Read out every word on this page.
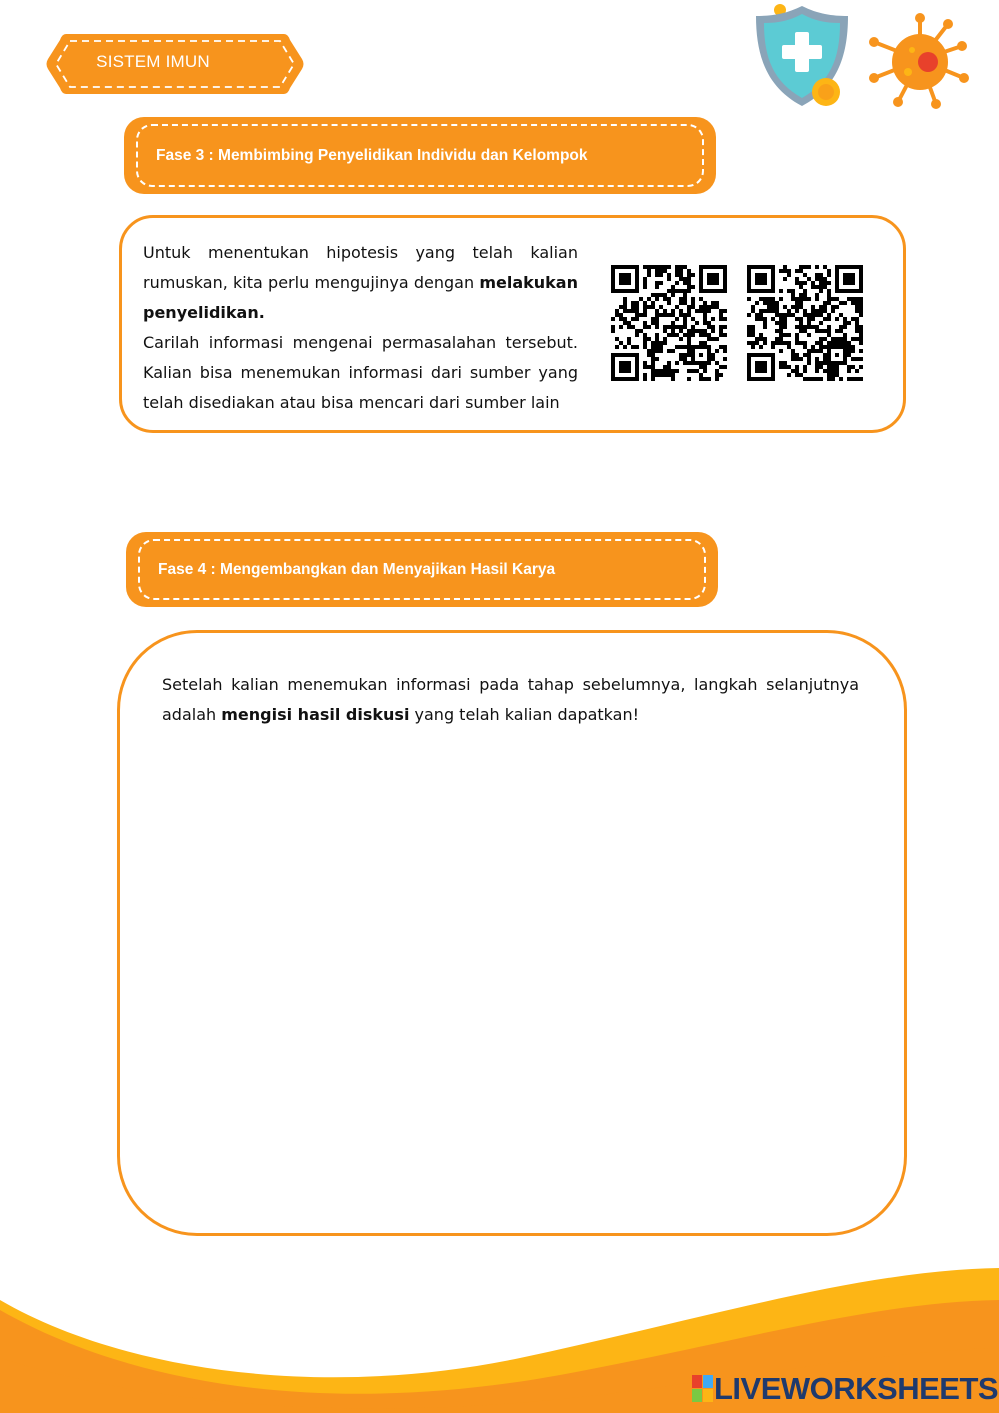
SISTEM IMUN
Fase 3 : Membimbing Penyelidikan Individu dan Kelompok
Untuk menentukan hipotesis yang telah kalian rumuskan, kita perlu mengujinya dengan melakukan penyelidikan.
Carilah informasi mengenai permasalahan tersebut. Kalian bisa menemukan informasi dari sumber yang telah disediakan atau bisa mencari dari sumber lain
Fase 4 : Mengembangkan dan Menyajikan Hasil Karya
Setelah kalian menemukan informasi pada tahap sebelumnya, langkah selanjutnya adalah mengisi hasil diskusi yang telah kalian dapatkan!
LIVEWORKSHEETS
